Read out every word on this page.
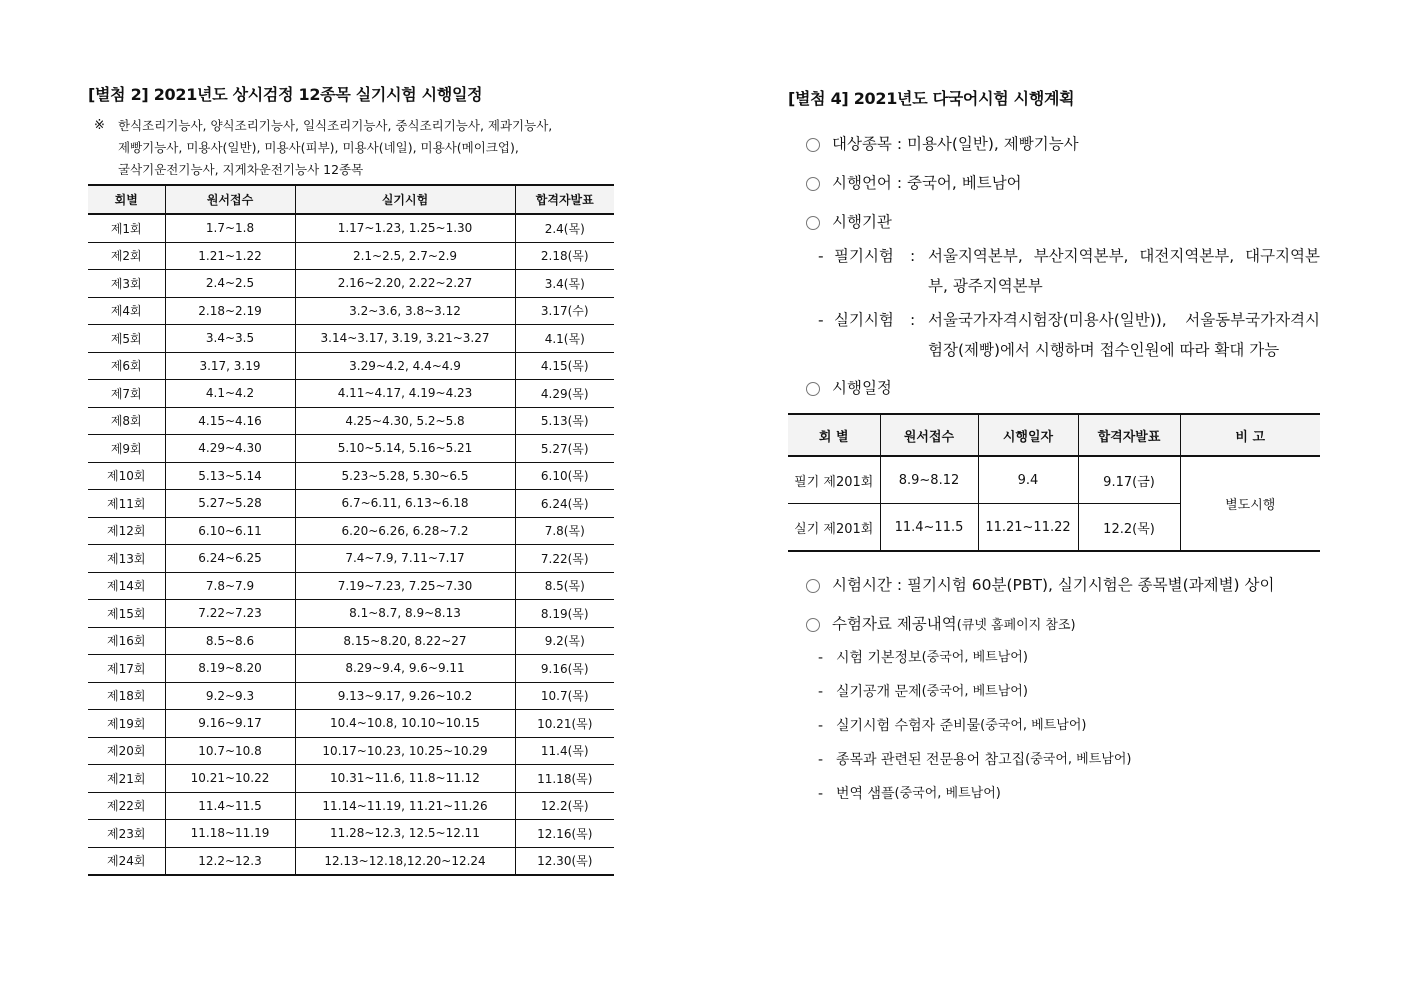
[별첨 2] 2021년도 상시검정 12종목 실기시험 시행일정
※ 한식조리기능사, 양식조리기능사, 일식조리기능사, 중식조리기능사, 제과기능사,
제빵기능사, 미용사(일반), 미용사(피부), 미용사(네일), 미용사(메이크업),
굴삭기운전기능사, 지게차운전기능사 12종목
회별	원서접수	실기시험	합격자발표
제1회	1.7~1.8	1.17~1.23, 1.25~1.30	2.4(목)
제2회	1.21~1.22	2.1~2.5, 2.7~2.9	2.18(목)
제3회	2.4~2.5	2.16~2.20, 2.22~2.27	3.4(목)
제4회	2.18~2.19	3.2~3.6, 3.8~3.12	3.17(수)
제5회	3.4~3.5	3.14~3.17, 3.19, 3.21~3.27	4.1(목)
제6회	3.17, 3.19	3.29~4.2, 4.4~4.9	4.15(목)
제7회	4.1~4.2	4.11~4.17, 4.19~4.23	4.29(목)
제8회	4.15~4.16	4.25~4.30, 5.2~5.8	5.13(목)
제9회	4.29~4.30	5.10~5.14, 5.16~5.21	5.27(목)
제10회	5.13~5.14	5.23~5.28, 5.30~6.5	6.10(목)
제11회	5.27~5.28	6.7~6.11, 6.13~6.18	6.24(목)
제12회	6.10~6.11	6.20~6.26, 6.28~7.2	7.8(목)
제13회	6.24~6.25	7.4~7.9, 7.11~7.17	7.22(목)
제14회	7.8~7.9	7.19~7.23, 7.25~7.30	8.5(목)
제15회	7.22~7.23	8.1~8.7, 8.9~8.13	8.19(목)
제16회	8.5~8.6	8.15~8.20, 8.22~27	9.2(목)
제17회	8.19~8.20	8.29~9.4, 9.6~9.11	9.16(목)
제18회	9.2~9.3	9.13~9.17, 9.26~10.2	10.7(목)
제19회	9.16~9.17	10.4~10.8, 10.10~10.15	10.21(목)
제20회	10.7~10.8	10.17~10.23, 10.25~10.29	11.4(목)
제21회	10.21~10.22	10.31~11.6, 11.8~11.12	11.18(목)
제22회	11.4~11.5	11.14~11.19, 11.21~11.26	12.2(목)
제23회	11.18~11.19	11.28~12.3, 12.5~12.11	12.16(목)
제24회	12.2~12.3	12.13~12.18,12.20~12.24	12.30(목)
[별첨 4] 2021년도 다국어시험 시행계획
대상종목 : 미용사(일반), 제빵기능사
시행언어 : 중국어, 베트남어
시행기관
- 필기시험	: 서울지역본부, 부산지역본부, 대전지역본부, 대구지역본부, 광주지역본부
- 실기시험	: 서울국가자격시험장(미용사(일반)), 서울동부국가자격시험장(제빵)에서 시행하며 접수인원에 따라 확대 가능
시행일정
회 별	원서접수	시행일자	합격자발표	비 고
필기 제201회	8.9~8.12	9.4	9.17(금)	별도시행
실기 제201회	11.4~11.5	11.21~11.22	12.2(목)	
시험시간 : 필기시험 60분(PBT), 실기시험은 종목별(과제별) 상이
수험자료 제공내역(큐넷 홈페이지 참조)
- 시험 기본정보 (중국어, 베트남어)
- 실기공개 문제 (중국어, 베트남어)
- 실기시험 수험자 준비물 (중국어, 베트남어)
- 종목과 관련된 전문용어 참고집 (중국어, 베트남어)
- 번역 샘플 (중국어, 베트남어)
